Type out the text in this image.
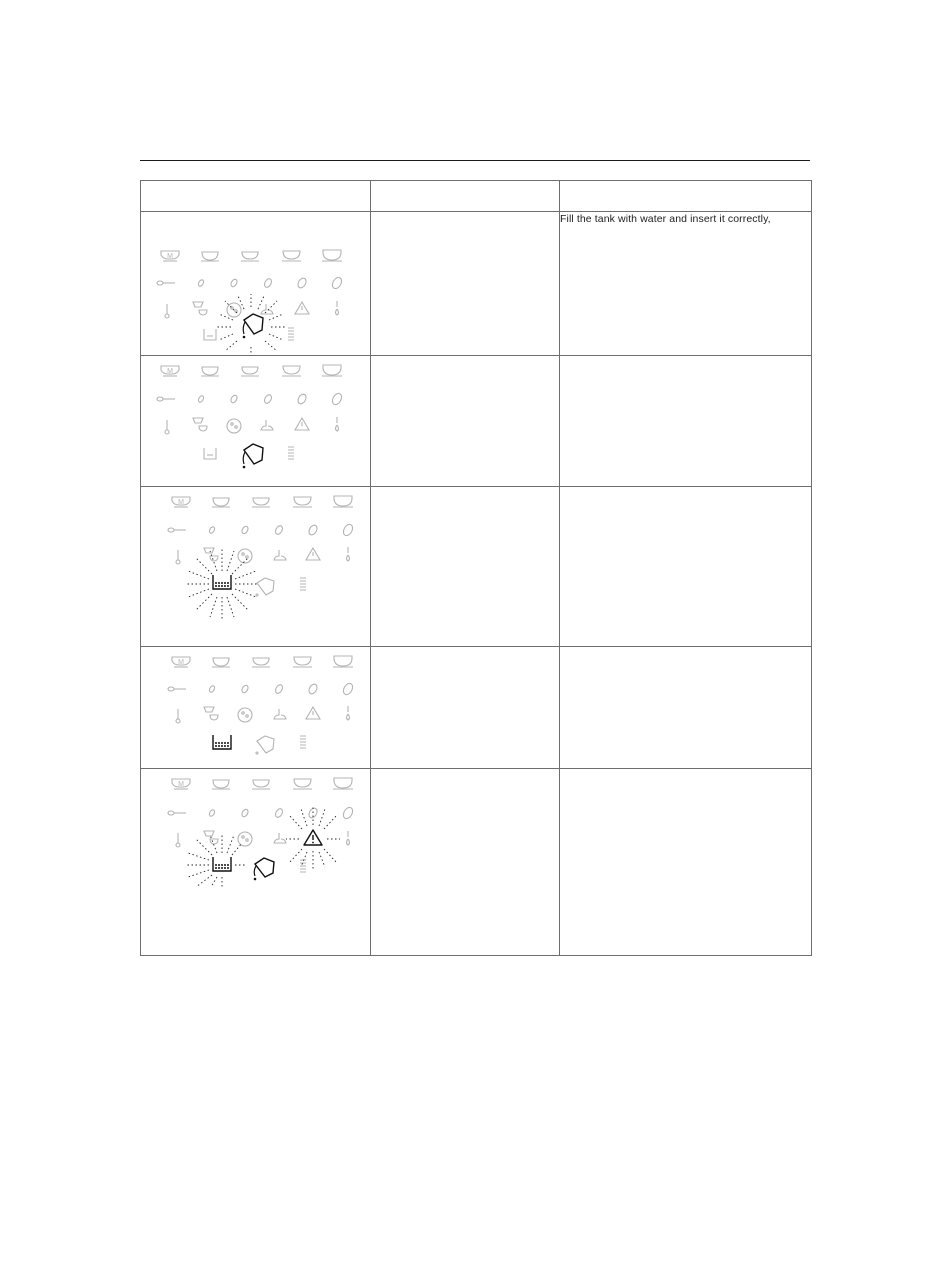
M		Fill the tank with water and insert it correctly,

M		

M		

M		

M		
